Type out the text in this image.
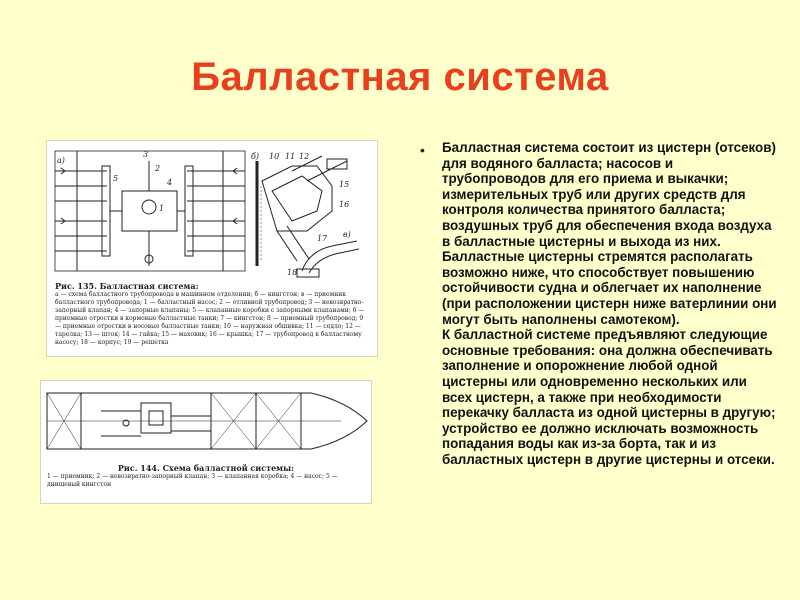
Балластная система
• Балластная система состоит из цистерн (отсеков) для водяного балласта; насосов и трубопроводов для его приема и выкачки; измерительных труб или других средств для контроля количества принятого балласта; воздушных труб для обеспечения входа воздуха в балластные цистерны и выхода из них. Балластные цистерны стремятся располагать возможно ниже, что способствует повышению остойчивости судна и облегчает их наполнение (при расположении цистерн ниже ватерлинии они могут быть наполнены самотеком).
К балластной системе предъявляют следующие основные требования: она должна обеспечивать заполнение и опорожнение любой одной цистерны или одновременно нескольких или всех цистерн, а также при необходимости перекачку балласта из одной цистерны в другую; устройство ее должно исключать возможность попадания воды как из-за борта, так и из балластных цистерн в другие цистерны и отсеки.
а)	б)
в)
3
2
4
1
5
10 11 12
15
16
17
18
Рис. 135. Балластная система:
а — схема балластного трубопровода в машинном отделении; б — кингстон; в — приемник балластного трубопровода; 1 — балластный насос; 2 — отливной трубопровод; 3 — невозвратно-запорный клапан; 4 — запорные клапаны; 5 — клапанные коробки с запорными клапанами; 6 — приемные отростки в кормовые балластные танки; 7 — кингстон; 8 — приемный трубопровод; 9 — приемные отростки в носовые балластные танки; 10 — наружная обшивка; 11 — седло; 12 — тарелка; 13 — шток; 14 — гайка; 15 — маховик; 16 — крышка; 17 — трубопровод к балластному насосу; 18 — корпус; 19 — решетка
Рис. 144. Схема балластной системы:
1 — приемник; 2 — невозвратно-запорный клапан; 3 — клапанная коробка; 4 — насос; 5 — днищевый кингстон
